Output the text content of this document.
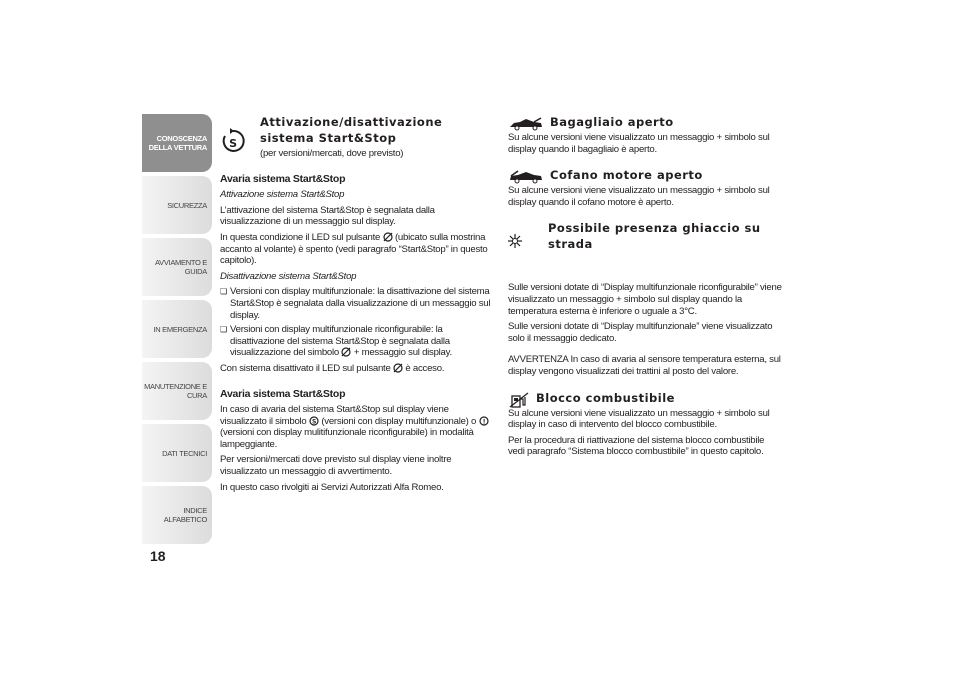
CONOSCENZA
DELLA VETTURA
SICUREZZA
AVVIAMENTO E
GUIDA
IN EMERGENZA
MANUTENZIONE E
CURA
DATI TECNICI
INDICE ALFABETICO
18
S

Attivazione/disattivazione

sistema Start&Stop

(per versioni/mercati, dove previsto)
Avaria sistema Start&Stop

Attivazione sistema Start&Stop

L’attivazione del sistema Start&Stop è segnalata dalla visualizzazione di un messaggio sul display.

In questa condizione il LED sul pulsante (ubicato sulla mostrina accanto al volante) è spento (vedi paragrafo “Start&Stop” in questo capitolo).

Disattivazione sistema Start&Stop

❏ Versioni con display multifunzionale: la disattivazione del sistema Start&Stop è segnalata dalla visualizzazione di un messaggio sul display.
❏ Versioni con display multifunzionale riconfigurabile: la disattivazione del sistema Start&Stop è segnalata dalla visualizzazione del simbolo + messaggio sul display.

Con sistema disattivato il LED sul pulsante è acceso.

Avaria sistema Start&Stop

In caso di avaria del sistema Start&Stop sul display viene visualizzato il simbolo S (versioni con display multifunzionale) o !
(versioni con display mulitifunzionale riconfigurabile) in modalità lampeggiante.

Per versioni/mercati dove previsto sul display viene inoltre visualizzato un messaggio di avvertimento.

In questo caso rivolgiti ai Servizi Autorizzati Alfa Romeo.

Bagagliaio aperto

Su alcune versioni viene visualizzato un messaggio + simbolo sul display quando il bagagliaio è aperto.

Cofano motore aperto

Su alcune versioni viene visualizzato un messaggio + simbolo sul display quando il cofano motore è aperto.

Possibile presenza ghiaccio su

strada

Sulle versioni dotate di “Display multifunzionale riconfigurabile” viene visualizzato un messaggio + simbolo sul display quando la temperatura esterna è inferiore o uguale a 3°C.

Sulle versioni dotate di “Display multifunzionale” viene visualizzato solo il messaggio dedicato.

AVVERTENZA In caso di avaria al sensore temperatura esterna, sul display vengono visualizzati dei trattini al posto del valore.

Blocco combustibile

Su alcune versioni viene visualizzato un messaggio + simbolo sul display in caso di intervento del blocco combustibile.

Per la procedura di riattivazione del sistema blocco combustibile vedi paragrafo “Sistema blocco combustibile” in questo capitolo.
